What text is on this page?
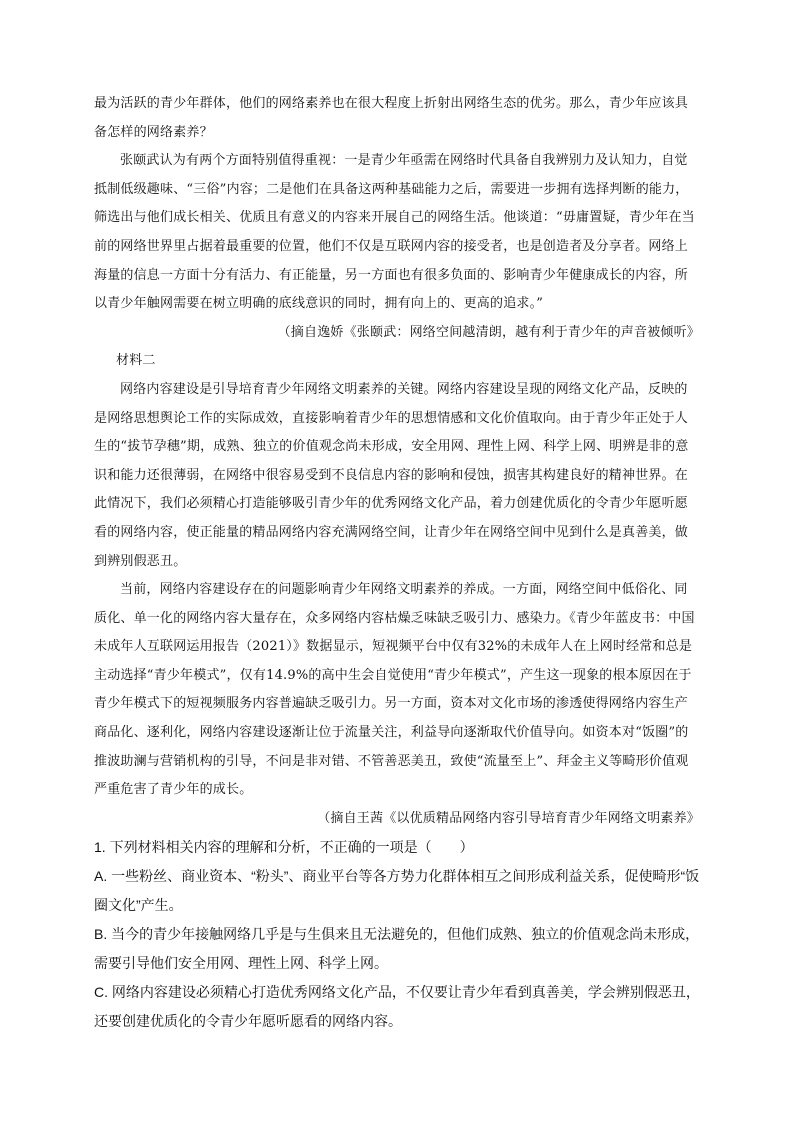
最为活跃的青少年群体，他们的网络素养也在很大程度上折射出网络生态的优劣。那么，青少年应该具备怎样的网络素养？

张颐武认为有两个方面特别值得重视：一是青少年亟需在网络时代具备自我辨别力及认知力，自觉抵制低级趣味、“三俗”内容；二是他们在具备这两种基础能力之后，需要进一步拥有选择判断的能力，筛选出与他们成长相关、优质且有意义的内容来开展自己的网络生活。他谈道：“毋庸置疑，青少年在当前的网络世界里占据着最重要的位置，他们不仅是互联网内容的接受者，也是创造者及分享者。网络上海量的信息一方面十分有活力、有正能量，另一方面也有很多负面的、影响青少年健康成长的内容，所以青少年触网需要在树立明确的底线意识的同时，拥有向上的、更高的追求。”

（摘自逸娇《张颐武：网络空间越清朗，越有利于青少年的声音被倾听》

材料二

网络内容建设是引导培育青少年网络文明素养的关键。网络内容建设呈现的网络文化产品，反映的是网络思想舆论工作的实际成效，直接影响着青少年的思想情感和文化价值取向。由于青少年正处于人生的“拔节孕穗”期，成熟、独立的价值观念尚未形成，安全用网、理性上网、科学上网、明辨是非的意识和能力还很薄弱，在网络中很容易受到不良信息内容的影响和侵蚀，损害其构建良好的精神世界。在此情况下，我们必须精心打造能够吸引青少年的优秀网络文化产品，着力创建优质化的令青少年愿听愿看的网络内容，使正能量的精品网络内容充满网络空间，让青少年在网络空间中见到什么是真善美，做到辨别假恶丑。

当前，网络内容建设存在的问题影响青少年网络文明素养的养成。一方面，网络空间中低俗化、同质化、单一化的网络内容大量存在，众多网络内容枯燥乏味缺乏吸引力、感染力。《青少年蓝皮书：中国未成年人互联网运用报告（2021）》数据显示，短视频平台中仅有32%的未成年人在上网时经常和总是主动选择“青少年模式”，仅有14.9%的高中生会自觉使用“青少年模式”，产生这一现象的根本原因在于青少年模式下的短视频服务内容普遍缺乏吸引力。另一方面，资本对文化市场的渗透使得网络内容生产商品化、逐利化，网络内容建设逐渐让位于流量关注，利益导向逐渐取代价值导向。如资本对“饭圈”的推波助澜与营销机构的引导，不问是非对错、不管善恶美丑，致使“流量至上”、拜金主义等畸形价值观严重危害了青少年的成长。

（摘自王茜《以优质精品网络内容引导培育青少年网络文明素养》

1. 下列材料相关内容的理解和分析，不正确的一项是（　　）

A. 一些粉丝、商业资本、“粉头”、商业平台等各方势力化群体相互之间形成利益关系，促使畸形“饭圈文化”产生。

B. 当今的青少年接触网络几乎是与生俱来且无法避免的，但他们成熟、独立的价值观念尚未形成，需要引导他们安全用网、理性上网、科学上网。

C. 网络内容建设必须精心打造优秀网络文化产品，不仅要让青少年看到真善美，学会辨别假恶丑，还要创建优质化的令青少年愿听愿看的网络内容。
